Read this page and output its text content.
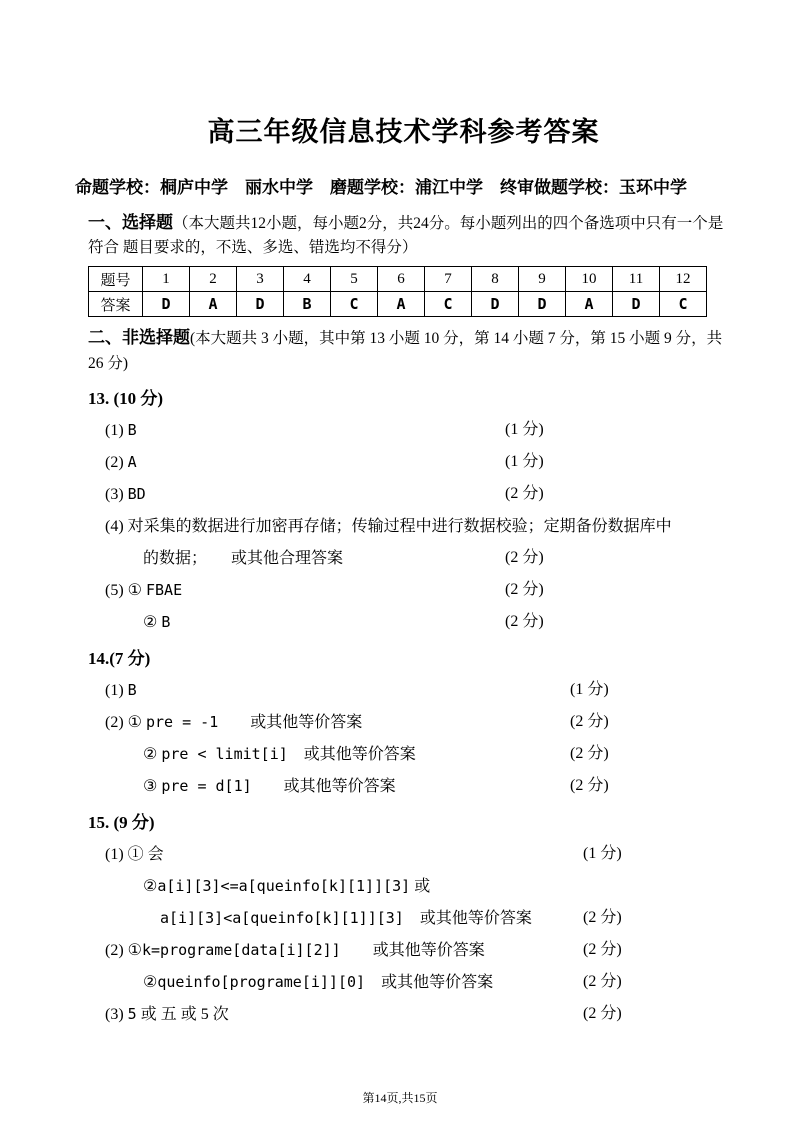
高三年级信息技术学科参考答案

命题学校：桐庐中学　丽水中学　磨题学校：浦江中学　终审做题学校：玉环中学

一、选择题（本大题共12小题，每小题2分，共24分。每小题列出的四个备选项中只有一个是符合 题目要求的，不选、多选、错选均不得分）

题号	1	2	3	4	5	6	7	8	9	10	11	12
答案	D	A	D	B	C	A	C	D	D	A	D	C

二、非选择题(本大题共 3 小题，其中第 13 小题 10 分，第 14 小题 7 分，第 15 小题 9 分，共 26 分)

13. (10 分)

(1) B	(1 分)
(2) A	(1 分)
(3) BD	(2 分)
(4) 对采集的数据进行加密再存储；传输过程中进行数据校验；定期备份数据库中
的数据；　　或其他合理答案	(2 分)
(5) ① FBAE	(2 分)
② B	(2 分)

14.(7 分)

(1) B	(1 分)
(2) ① pre = -1　　或其他等价答案	(2 分)
② pre < limit[i]　或其他等价答案	(2 分)
③ pre = d[1]　　或其他等价答案	(2 分)

15. (9 分)

(1) ① 会	(1 分)
②a[i][3]<=a[queinfo[k][1]][3] 或
a[i][3]<a[queinfo[k][1]][3]　或其他等价答案	(2 分)
(2) ①k=programe[data[i][2]]　　或其他等价答案	(2 分)
②queinfo[programe[i]][0]　或其他等价答案	(2 分)
(3) 5 或 五 或 5 次	(2 分)

第14页,共15页
